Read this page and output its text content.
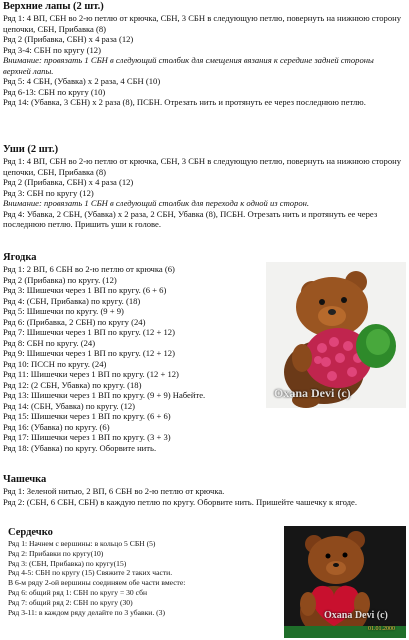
Верхние лапы (2 шт.)
Ряд 1: 4 ВП, СБН во 2-ю петлю от крючка, СБН, 3 СБН в следующую петлю, повернуть на нижнюю сторону цепочки, СБН, Прибавка (8)
Ряд 2 (Прибавка, СБН) х 4 раза (12)
Ряд 3-4: СБН по кругу (12)
Внимание: провязать 1 СБН в следующий столбик для смещения вязания к середине задней стороны верхней лапы.
Ряд 5: 4 СБН, (Убавка) х 2 раза, 4 СБН (10)
Ряд 6-13: СБН по кругу (10)
Ряд 14: (Убавка, 3 СБН) х 2 раза (8), ПСБН. Отрезать нить и протянуть ее через последнюю петлю.
Уши (2 шт.)
Ряд 1: 4 ВП, СБН во 2-ю петлю от крючка, СБН, 3 СБН в следующую петлю, повернуть на нижнюю сторону цепочки, СБН, Прибавка (8)
Ряд 2 (Прибавка, СБН) х 4 раза (12)
Ряд 3: СБН по кругу (12)
Внимание: провязать 1 СБН в следующий столбик для перехода к одной из сторон.
Ряд 4: Убавка, 2 СБН, (Убавка) х 2 раза, 2 СБН, Убавка (8), ПСБН. Отрезать нить и протянуть ее через последнюю петлю. Пришить уши к голове.
Ягодка
Ряд 1: 2 ВП, 6 СБН во 2-ю петлю от крючка (6)
Ряд 2 (Прибавка) по кругу. (12)
Ряд 3: Шишечки через 1 ВП по кругу. (6 + 6)
Ряд 4: (СБН, Прибавка) по кругу. (18)
Ряд 5: Шишечки по кругу. (9 + 9)
Ряд 6: (Прибавка, 2 СБН) по кругу (24)
Ряд 7: Шишечки через 1 ВП по кругу. (12 + 12)
Ряд 8: СБН по кругу. (24)
Ряд 9: Шишечки через 1 ВП по кругу. (12 + 12)
Ряд 10: ПССН по кругу. (24)
Ряд 11: Шишечки через 1 ВП по кругу. (12 + 12)
Ряд 12: (2 СБН, Убавка) по кругу. (18)
Ряд 13: Шишечки через 1 ВП по кругу. (9 + 9) Набейте.
Ряд 14: (СБН, Убавка) по кругу. (12)
Ряд 15: Шишечки через 1 ВП по кругу. (6 + 6)
Ряд 16: (Убавка) по кругу. (6)
Ряд 17: Шишечки через 1 ВП по кругу. (3 + 3)
Ряд 18: (Убавка) по кругу. Оборвите нить.
Oxana Devi (c)
Чашечка
Ряд 1: Зеленой нитью, 2 ВП, 6 СБН во 2-ю петлю от крючка.
Ряд 2: (СБН, 6 СБН, СБН) в каждую петлю по кругу. Оборвите нить. Пришейте чашечку к ягоде.
Сердечко
Ряд 1: Начнем с вершины: в кольцо 5 СБН (5)
Ряд 2: Прибавки по кругу(10)
Ряд 3: (СБН, Прибавка) по кругу(15)
Ряд 4-5: СБН по кругу (15) Свяжите 2 таких части.
В 6-м ряду 2-ой вершины соединяем обе части вместе:
Ряд 6: общий ряд 1: СБН по кругу = 30 сбн
Ряд 7: общий ряд 2: СБН по кругу (30)
Ряд 3-11: в каждом ряду делайте по 3 убавки. (3)	Oxana Devi (c)
01.01.2000
